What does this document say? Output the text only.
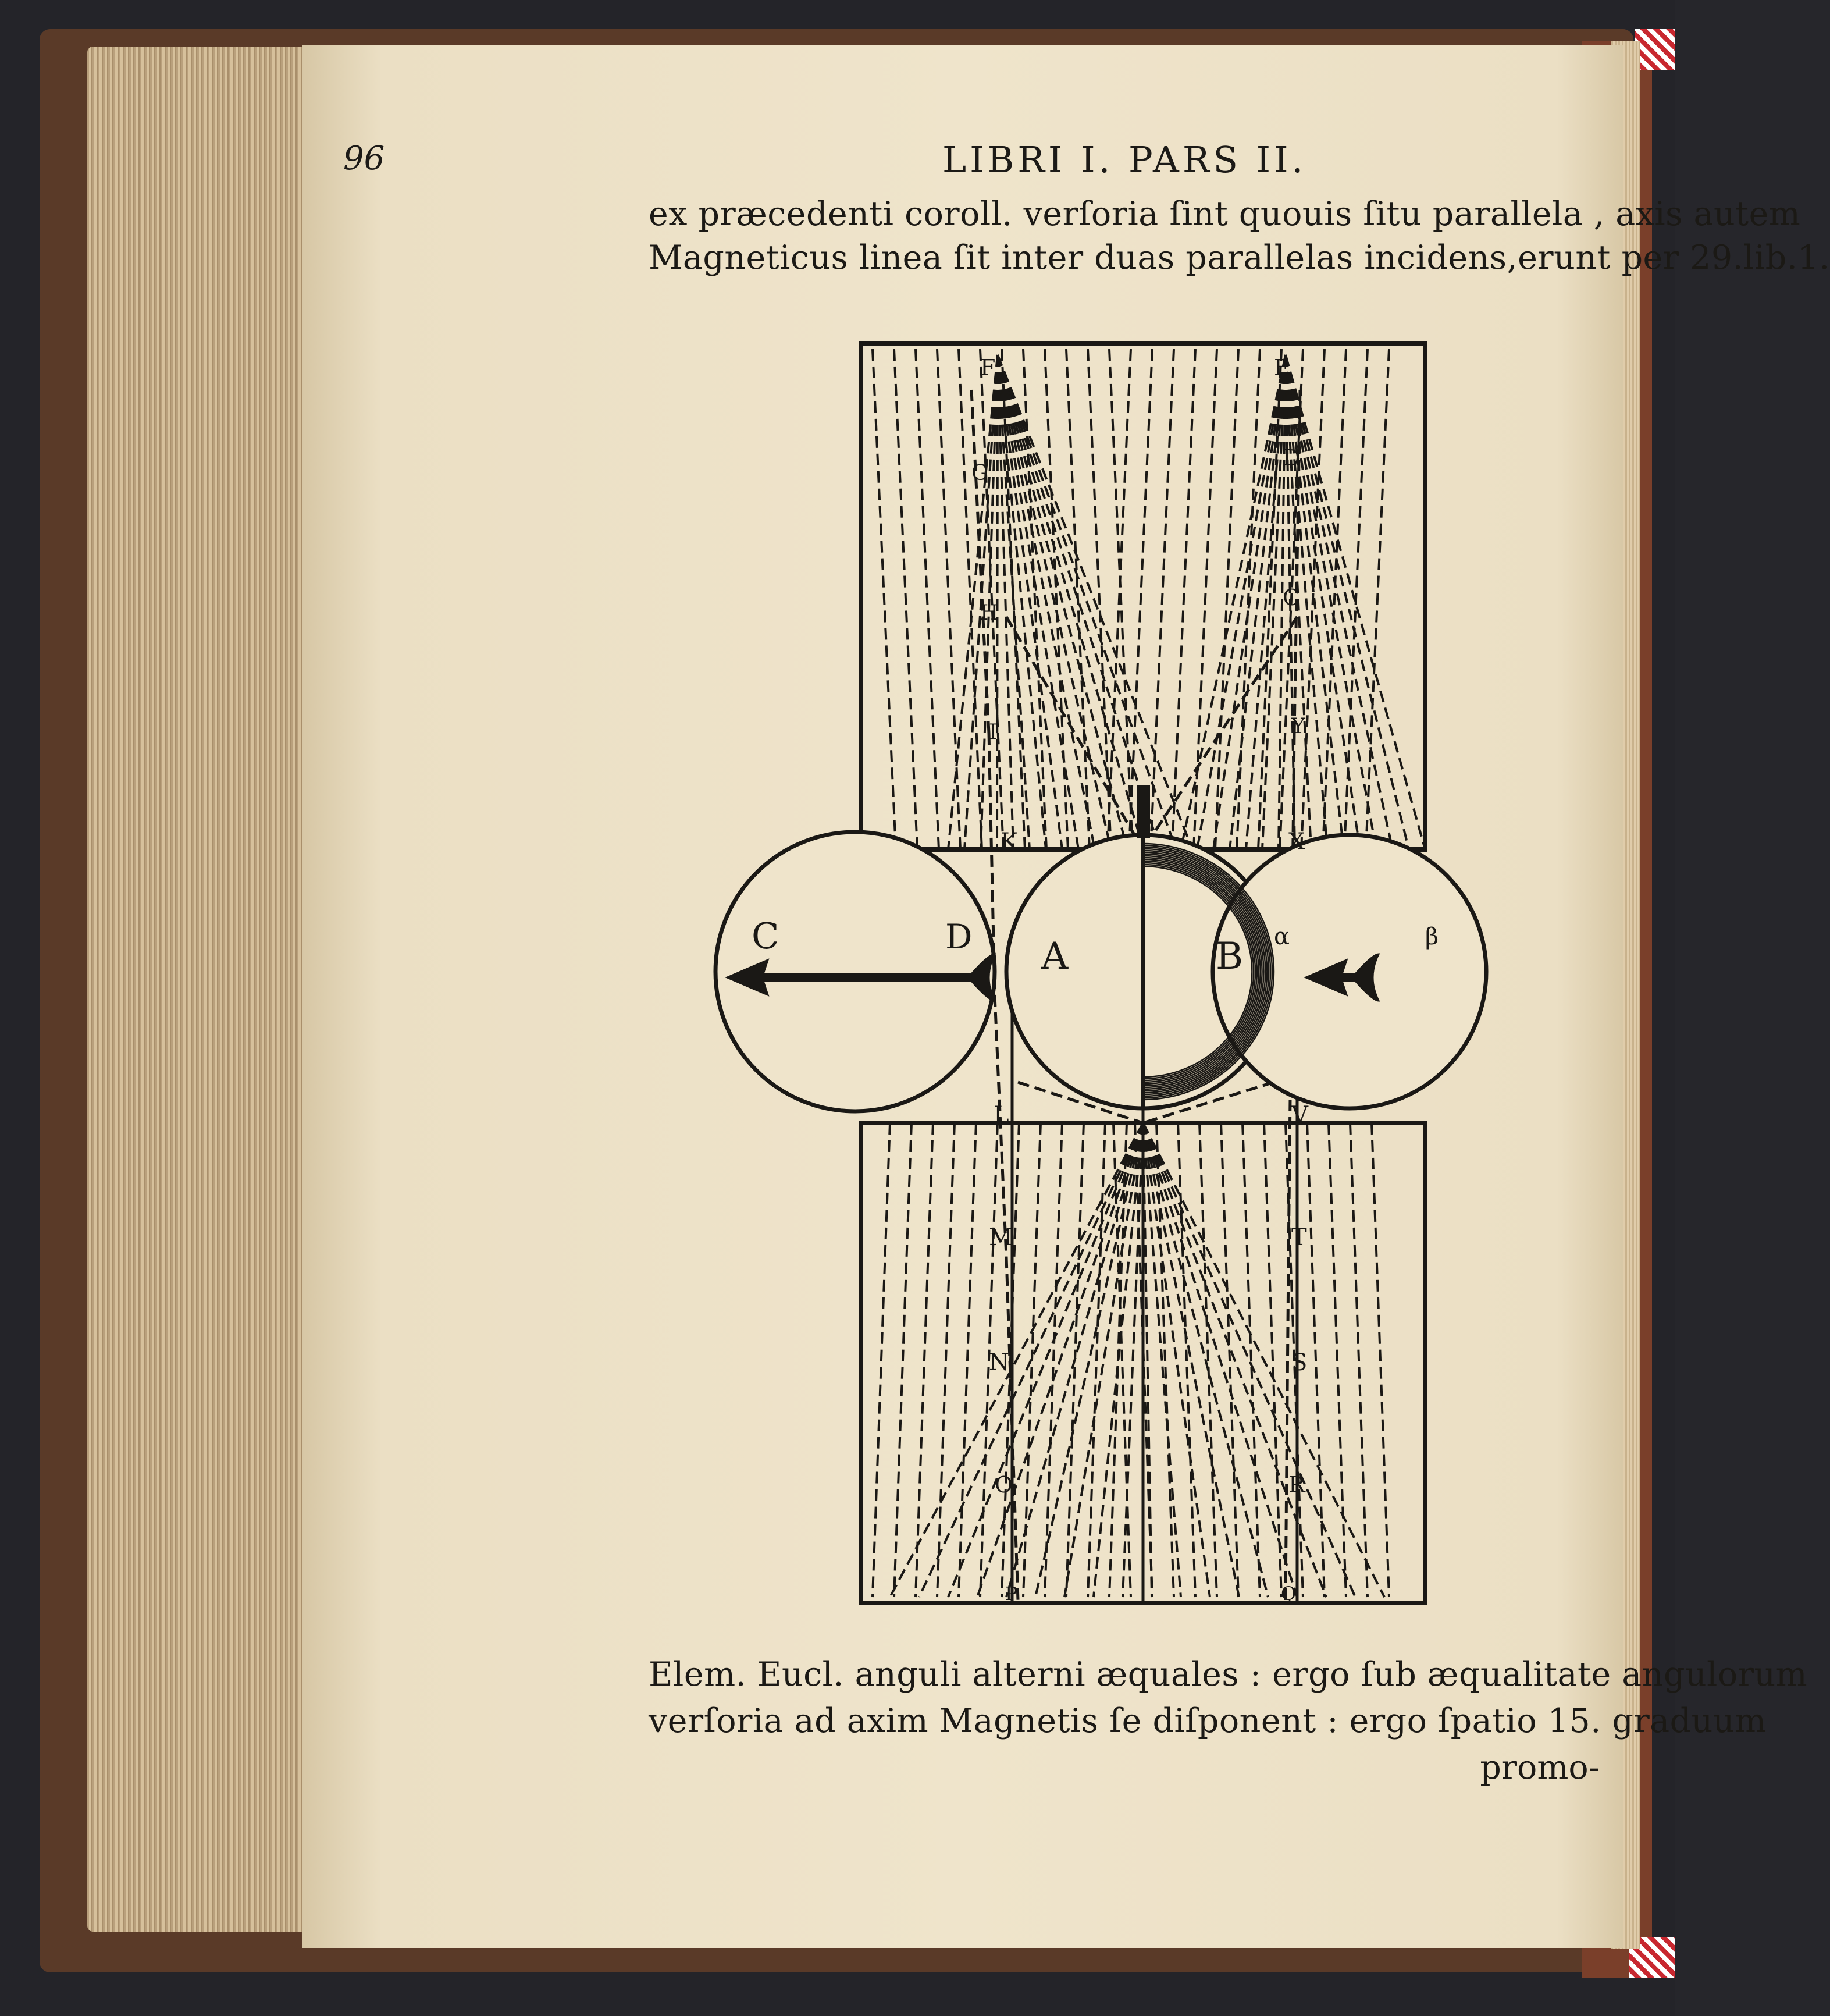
96	LIBRI I. PARS II.
ex præcedenti coroll. verſoria ſint quouis ſitu parallela , axis autem
Magneticus linea ſit inter duas parallelas incidens,erunt per 29.lib.1.
F	E
G
D
H
C
I	Y
K	X
C	D A	B α	β
L	V
M	T
N	S
O	R
P	Q
Elem. Eucl. anguli alterni æquales : ergo ſub æqualitate angulorum
verſoria ad axim Magnetis ſe diſponent : ergo ſpatio 15. graduum
promo-
